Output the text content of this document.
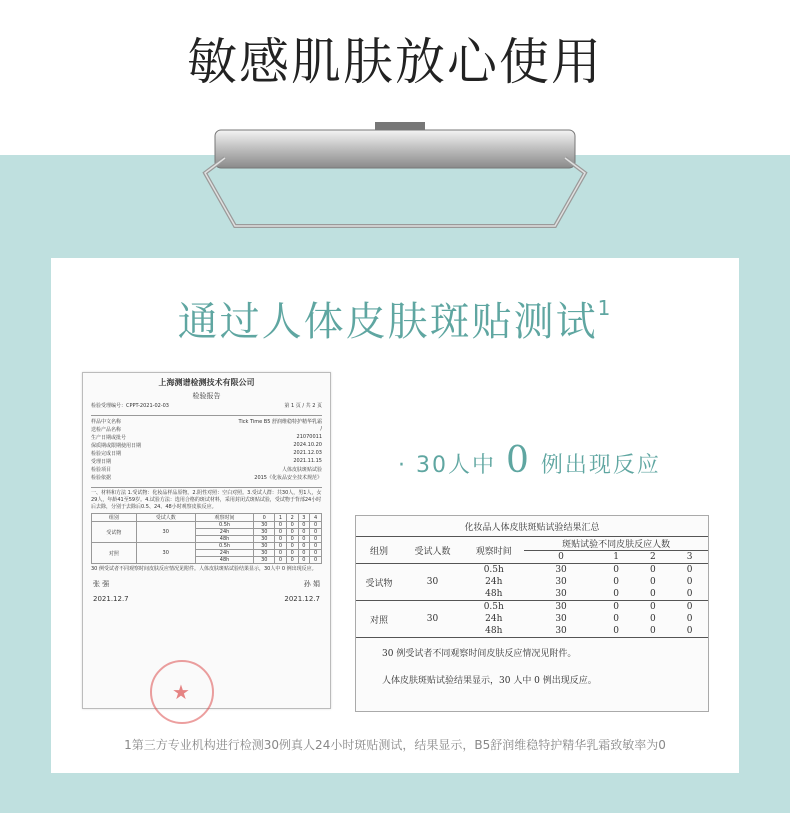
敏感肌肤放心使用
通过人体皮肤斑贴测试$^1$
上海测谱检测技术有限公司
检验报告
检验受理编号：CPPT-2021-02-03	第 1 页 / 共 2 页
样品中文名称	Tick Time B5 舒润维稳特护精华乳霜
送检产品名称	/
生产日期或批号	21070011
保质期或限期使用日期	2024.10.20
检验完成日期	2021.12.03
受理日期	2021.11.15
检验项目	人体皮肤斑贴试验
检验依据	2015《化妆品安全技术规范》
一、材料和方法 1.受试物：化妆品样品原物。2.阴性对照：空白对照。3.受试人群：共30人，男1人，女29人，年龄41至59岁。4.试验方法：选用合格的斑试材料，采用封闭式斑贴试验，受试物于背部24小时后去除，分别于去除后0.5、24、48小时观察皮肤反应。
组别	受试人数	观察时间	0	1	2	3	4
受试物	30	0.5h	30	0	0	0	0
		24h	30	0	0	0	0
		48h	30	0	0	0	0
对照	30	0.5h	30	0	0	0	0
		24h	30	0	0	0	0
		48h	30	0	0	0	0
30 例受试者不同观察时间皮肤反应情况见附件。人体皮肤斑贴试验结果显示，30人中 0 例出现反应。
张 强	孙 娟
2021.12.7	2021.12.7
★
· 30人中 0 例出现反应
化妆品人体皮肤斑贴试验结果汇总
组别	受试人数	观察时间	斑贴试验不同皮肤反应人数			
			0	1	2	3
受试物	30	0.5h	30	0	0	0
		24h	30	0	0	0
		48h	30	0	0	0
对照	30	0.5h	30	0	0	0
		24h	30	0	0	0
		48h	30	0	0	0
30 例受试者不同观察时间皮肤反应情况见附件。
人体皮肤斑贴试验结果显示，30 人中 0 例出现反应。
1第三方专业机构进行检测30例真人24小时斑贴测试，结果显示，B5舒润维稳特护精华乳霜致敏率为0
